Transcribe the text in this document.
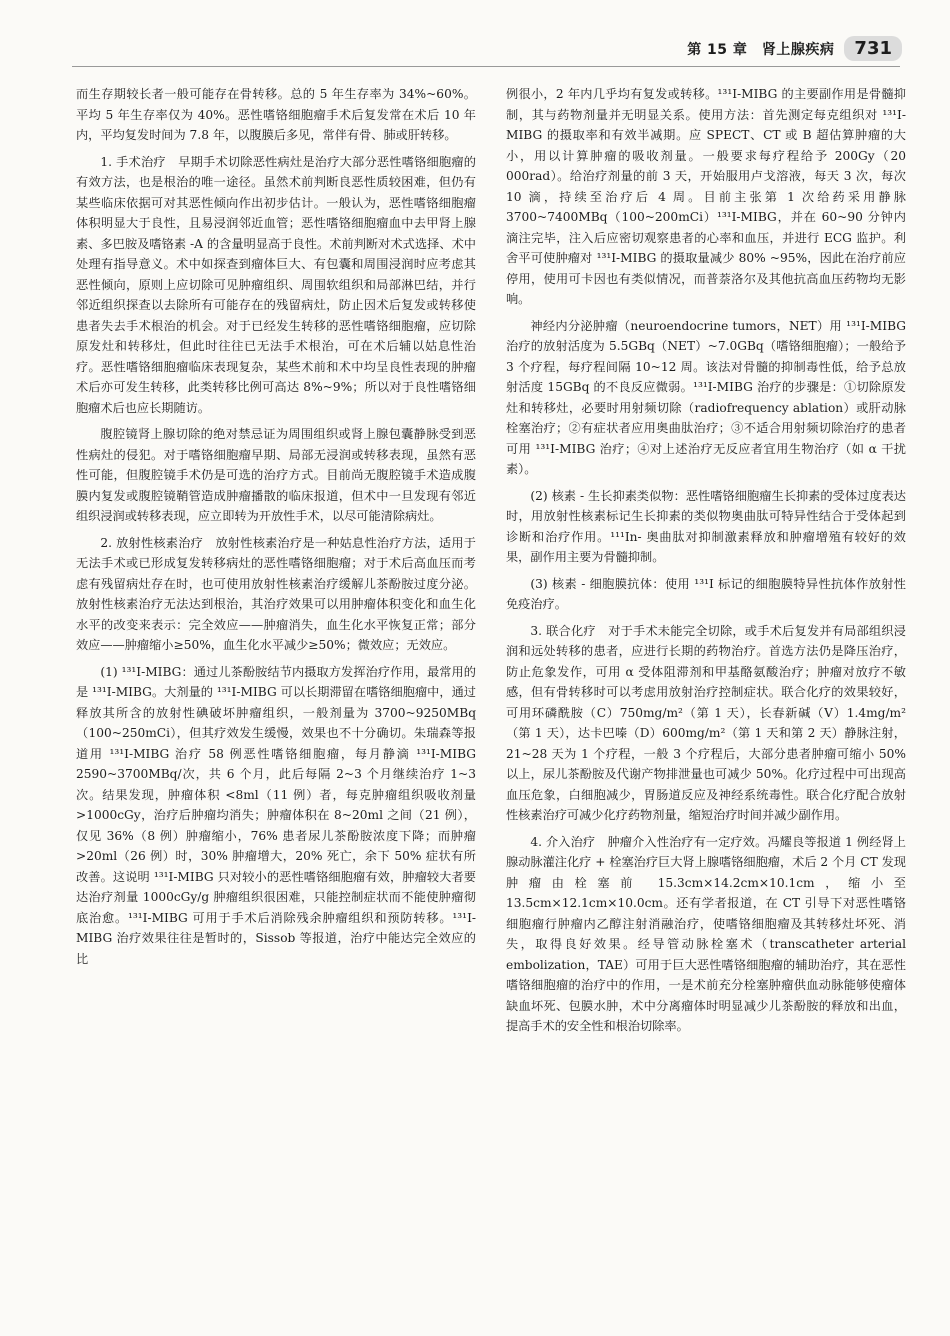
第 15 章　肾上腺疾病	731

而生存期较长者一般可能存在骨转移。总的 5 年生存率为 34%~60%。平均 5 年生存率仅为 40%。恶性嗜铬细胞瘤手术后复发常在术后 10 年内，平均复发时间为 7.8 年，以腹膜后多见，常伴有骨、肺或肝转移。

1. 手术治疗　早期手术切除恶性病灶是治疗大部分恶性嗜铬细胞瘤的有效方法，也是根治的唯一途径。虽然术前判断良恶性质较困难，但仍有某些临床依据可对其恶性倾向作出初步估计。一般认为，恶性嗜铬细胞瘤体积明显大于良性，且易浸润邻近血管；恶性嗜铬细胞瘤血中去甲肾上腺素、多巴胺及嗜铬素 -A 的含量明显高于良性。术前判断对术式选择、术中处理有指导意义。术中如探查到瘤体巨大、有包囊和周围浸润时应考虑其恶性倾向，原则上应切除可见肿瘤组织、周围软组织和局部淋巴结，并行邻近组织探查以去除所有可能存在的残留病灶，防止因术后复发或转移使患者失去手术根治的机会。对于已经发生转移的恶性嗜铬细胞瘤，应切除原发灶和转移灶，但此时往往已无法手术根治，可在术后辅以姑息性治疗。恶性嗜铬细胞瘤临床表现复杂，某些术前和术中均呈良性表现的肿瘤术后亦可发生转移，此类转移比例可高达 8%~9%；所以对于良性嗜铬细胞瘤术后也应长期随访。

腹腔镜肾上腺切除的绝对禁忌证为周围组织或肾上腺包囊静脉受到恶性病灶的侵犯。对于嗜铬细胞瘤早期、局部无浸润或转移表现，虽然有恶性可能，但腹腔镜手术仍是可选的治疗方式。目前尚无腹腔镜手术造成腹膜内复发或腹腔镜鞘管造成肿瘤播散的临床报道，但术中一旦发现有邻近组织浸润或转移表现，应立即转为开放性手术，以尽可能清除病灶。

2. 放射性核素治疗　放射性核素治疗是一种姑息性治疗方法，适用于无法手术或已形成复发转移病灶的恶性嗜铬细胞瘤；对于术后高血压而考虑有残留病灶存在时，也可使用放射性核素治疗缓解儿茶酚胺过度分泌。放射性核素治疗无法达到根治，其治疗效果可以用肿瘤体积变化和血生化水平的改变来表示：完全效应——肿瘤消失，血生化水平恢复正常；部分效应——肿瘤缩小≥50%，血生化水平减少≥50%；微效应；无效应。

(1) ¹³¹I-MIBG：通过儿茶酚胺结节内摄取方发挥治疗作用，最常用的是 ¹³¹I-MIBG。大剂量的 ¹³¹I-MIBG 可以长期滞留在嗜铬细胞瘤中，通过释放其所含的放射性碘破坏肿瘤组织，一般剂量为 3700~9250MBq（100~250mCi），但其疗效发生缓慢，效果也不十分确切。朱瑞森等报道用 ¹³¹I-MIBG 治疗 58 例恶性嗜铬细胞瘤，每月静滴 ¹³¹I-MIBG 2590~3700MBq/次，共 6 个月，此后每隔 2~3 个月继续治疗 1~3 次。结果发现，肿瘤体积 <8ml（11 例）者，每克肿瘤组织吸收剂量 >1000cGy，治疗后肿瘤均消失；肿瘤体积在 8~20ml 之间（21 例），仅见 36%（8 例）肿瘤缩小，76% 患者尿儿茶酚胺浓度下降；而肿瘤 >20ml（26 例）时，30% 肿瘤增大，20% 死亡，余下 50% 症状有所改善。这说明 ¹³¹I-MIBG 只对较小的恶性嗜铬细胞瘤有效，肿瘤较大者要达治疗剂量 1000cGy/g 肿瘤组织很困难，只能控制症状而不能使肿瘤彻底治愈。¹³¹I-MIBG 可用于手术后消除残余肿瘤组织和预防转移。¹³¹I-MIBG 治疗效果往往是暂时的，Sissob 等报道，治疗中能达完全效应的比

例很小，2 年内几乎均有复发或转移。¹³¹I-MIBG 的主要副作用是骨髓抑制，其与药物剂量并无明显关系。使用方法：首先测定每克组织对 ¹³¹I-MIBG 的摄取率和有效半减期。应 SPECT、CT 或 B 超估算肿瘤的大小，用以计算肿瘤的吸收剂量。一般要求每疗程给予 200Gy（20 000rad）。给治疗剂量的前 3 天，开始服用卢戈溶液，每天 3 次，每次 10 滴，持续至治疗后 4 周。目前主张第 1 次给药采用静脉 3700~7400MBq（100~200mCi）¹³¹I-MIBG，并在 60~90 分钟内滴注完毕，注入后应密切观察患者的心率和血压，并进行 ECG 监护。利舍平可使肿瘤对 ¹³¹I-MIBG 的摄取量减少 80% ~95%，因此在治疗前应停用，使用可卡因也有类似情况，而普萘洛尔及其他抗高血压药物均无影响。

神经内分泌肿瘤（neuroendocrine tumors，NET）用 ¹³¹I-MIBG 治疗的放射活度为 5.5GBq（NET）~7.0GBq（嗜铬细胞瘤）；一般给予 3 个疗程，每疗程间隔 10~12 周。该法对骨髓的抑制毒性低，给予总放射活度 15GBq 的不良反应微弱。¹³¹I-MIBG 治疗的步骤是：①切除原发灶和转移灶，必要时用射频切除（radiofrequency ablation）或肝动脉栓塞治疗；②有症状者应用奥曲肽治疗；③不适合用射频切除治疗的患者可用 ¹³¹I-MIBG 治疗；④对上述治疗无反应者宜用生物治疗（如 α 干扰素）。

(2) 核素 - 生长抑素类似物：恶性嗜铬细胞瘤生长抑素的受体过度表达时，用放射性核素标记生长抑素的类似物奥曲肽可特异性结合于受体起到诊断和治疗作用。¹¹¹In- 奥曲肽对抑制激素释放和肿瘤增殖有较好的效果，副作用主要为骨髓抑制。

(3) 核素 - 细胞膜抗体：使用 ¹³¹I 标记的细胞膜特异性抗体作放射性免疫治疗。

3. 联合化疗　对于手术未能完全切除，或手术后复发并有局部组织浸润和远处转移的患者，应进行长期的药物治疗。首选方法仍是降压治疗，防止危象发作，可用 α 受体阻滞剂和甲基酪氨酸治疗；肿瘤对放疗不敏感，但有骨转移时可以考虑用放射治疗控制症状。联合化疗的效果较好，可用环磷酰胺（C）750mg/m²（第 1 天），长春新碱（V）1.4mg/m²（第 1 天），达卡巴嗪（D）600mg/m²（第 1 天和第 2 天）静脉注射，21~28 天为 1 个疗程，一般 3 个疗程后，大部分患者肿瘤可缩小 50% 以上，尿儿茶酚胺及代谢产物排泄量也可减少 50%。化疗过程中可出现高血压危象，白细胞减少，胃肠道反应及神经系统毒性。联合化疗配合放射性核素治疗可减少化疗药物剂量，缩短治疗时间并减少副作用。

4. 介入治疗　肿瘤介入性治疗有一定疗效。冯耀良等报道 1 例经肾上腺动脉灌注化疗 + 栓塞治疗巨大肾上腺嗜铬细胞瘤，术后 2 个月 CT 发现肿瘤由栓塞前 15.3cm×14.2cm×10.1cm，缩小至 13.5cm×12.1cm×10.0cm。还有学者报道，在 CT 引导下对恶性嗜铬细胞瘤行肿瘤内乙醇注射消融治疗，使嗜铬细胞瘤及其转移灶坏死、消失，取得良好效果。经导管动脉栓塞术（transcatheter arterial embolization，TAE）可用于巨大恶性嗜铬细胞瘤的辅助治疗，其在恶性嗜铬细胞瘤的治疗中的作用，一是术前充分栓塞肿瘤供血动脉能够使瘤体缺血坏死、包膜水肿，术中分离瘤体时明显减少儿茶酚胺的释放和出血，提高手术的安全性和根治切除率。
